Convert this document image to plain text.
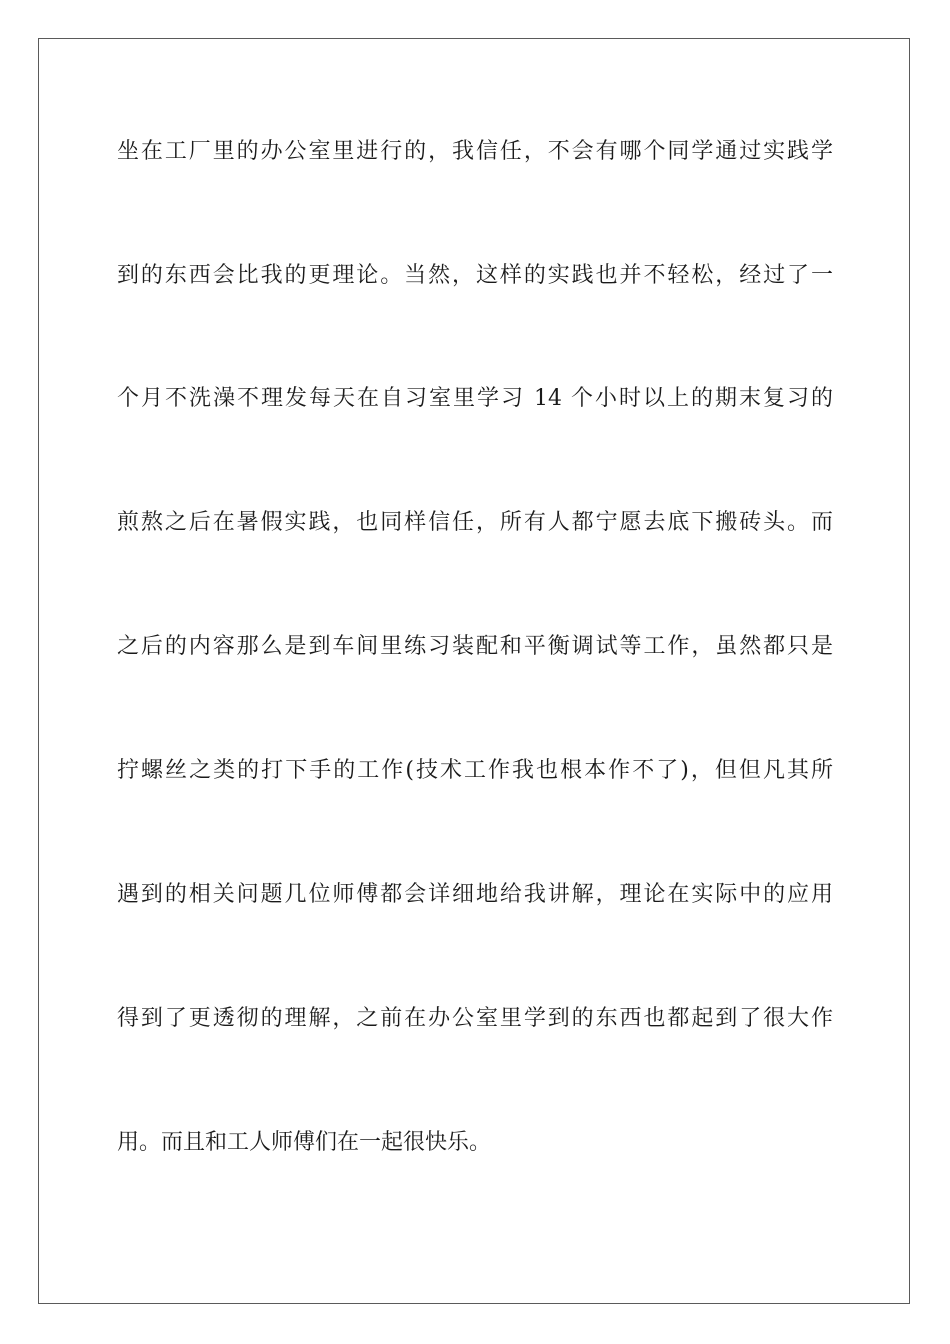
坐在工厂里的办公室里进行的，我信任，不会有哪个同学通过实践学

到的东西会比我的更理论。当然，这样的实践也并不轻松，经过了一

个月不洗澡不理发每天在自习室里学习 14 个小时以上的期末复习的

煎熬之后在暑假实践，也同样信任，所有人都宁愿去底下搬砖头。而

之后的内容那么是到车间里练习装配和平衡调试等工作，虽然都只是

拧螺丝之类的打下手的工作(技术工作我也根本作不了)，但但凡其所

遇到的相关问题几位师傅都会详细地给我讲解，理论在实际中的应用

得到了更透彻的理解，之前在办公室里学到的东西也都起到了很大作

用。而且和工人师傅们在一起很快乐。
